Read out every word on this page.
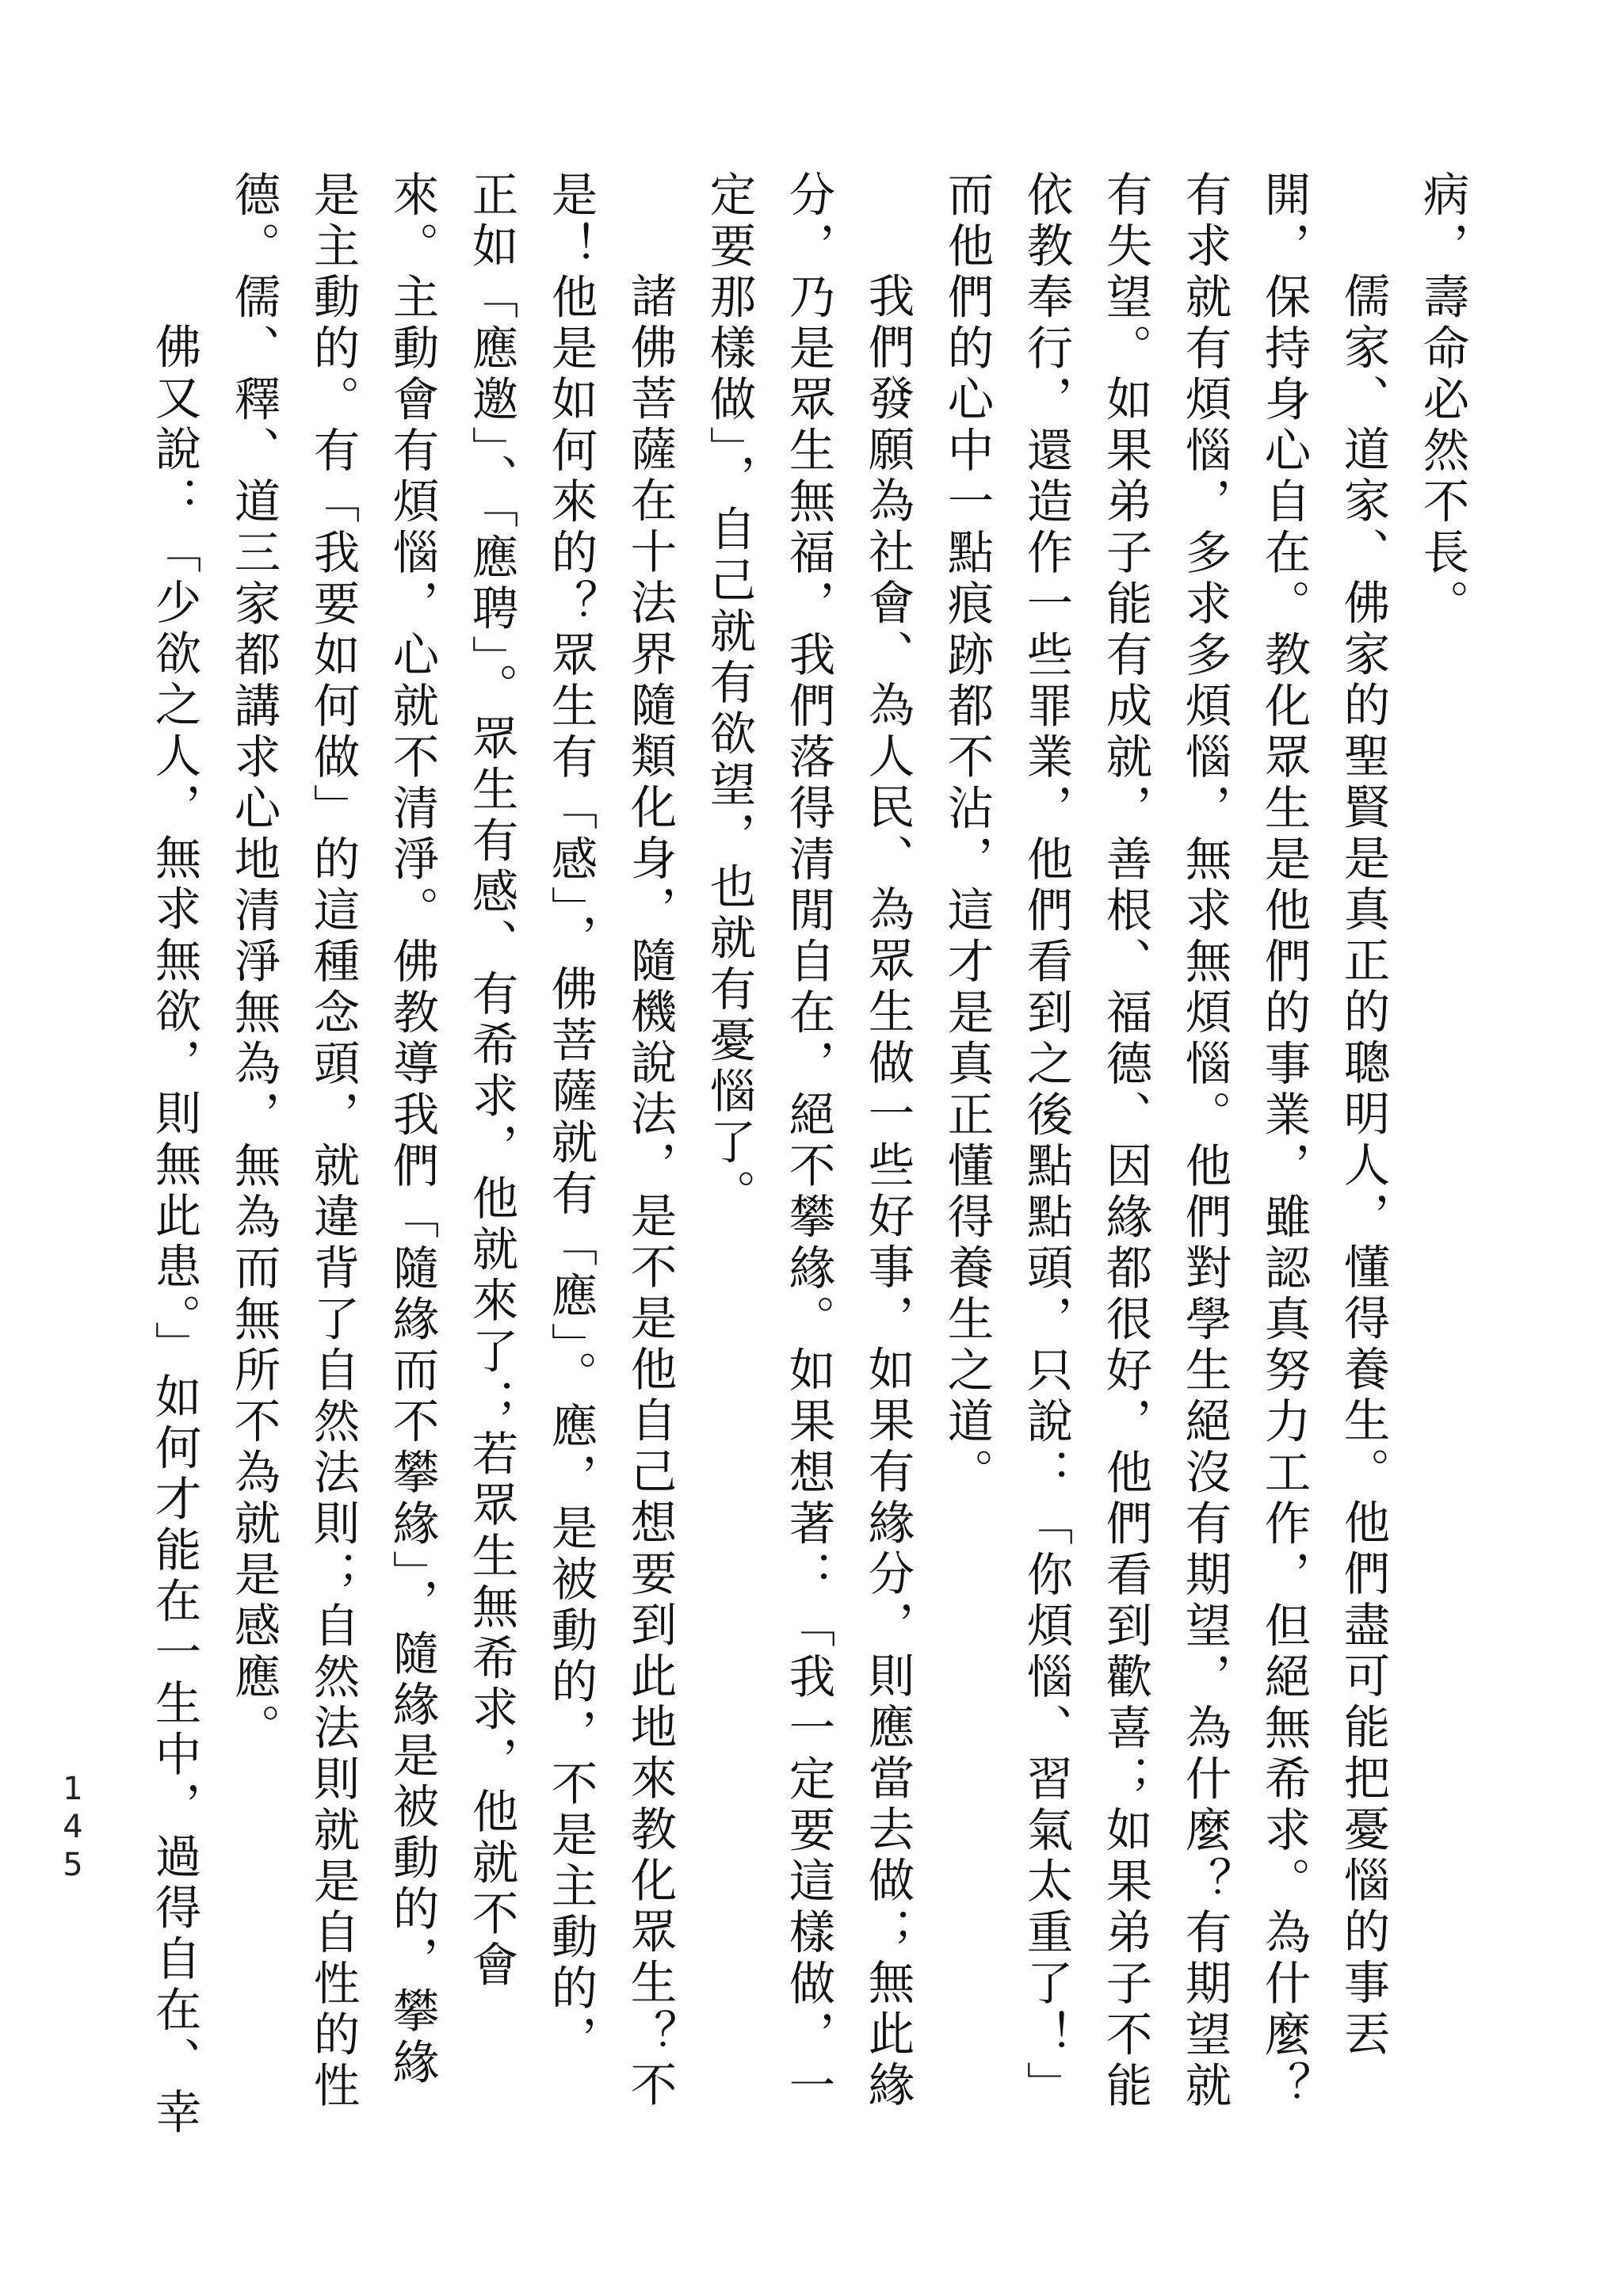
病，壽命必然不長。

儒家、道家、佛家的聖賢是真正的聰明人，懂得養生。他們盡可能把憂惱的事丟

開，保持身心自在。教化眾生是他們的事業，雖認真努力工作，但絕無希求。為什麼？

有求就有煩惱，多求多煩惱，無求無煩惱。他們對學生絕沒有期望，為什麼？有期望就

有失望。如果弟子能有成就，善根、福德、因緣都很好，他們看到歡喜；如果弟子不能

依教奉行，還造作一些罪業，他們看到之後點點頭，只說：「你煩惱、習氣太重了！」

而他們的心中一點痕跡都不沾，這才是真正懂得養生之道。

我們發願為社會、為人民、為眾生做一些好事，如果有緣分，則應當去做；無此緣

分，乃是眾生無福，我們落得清閒自在，絕不攀緣。如果想著：「我一定要這樣做，一

定要那樣做」，自己就有欲望，也就有憂惱了。

諸佛菩薩在十法界隨類化身，隨機說法，是不是他自己想要到此地來教化眾生？不

是！他是如何來的？眾生有「感」，佛菩薩就有「應」。應，是被動的，不是主動的，

正如「應邀」、「應聘」。眾生有感、有希求，他就來了；若眾生無希求，他就不會

來。主動會有煩惱，心就不清淨。佛教導我們「隨緣而不攀緣」，隨緣是被動的，攀緣

是主動的。有「我要如何做」的這種念頭，就違背了自然法則；自然法則就是自性的性

德。儒、釋、道三家都講求心地清淨無為，無為而無所不為就是感應。

佛又說：「少欲之人，無求無欲，則無此患。」如何才能在一生中，過得自在、幸

145
